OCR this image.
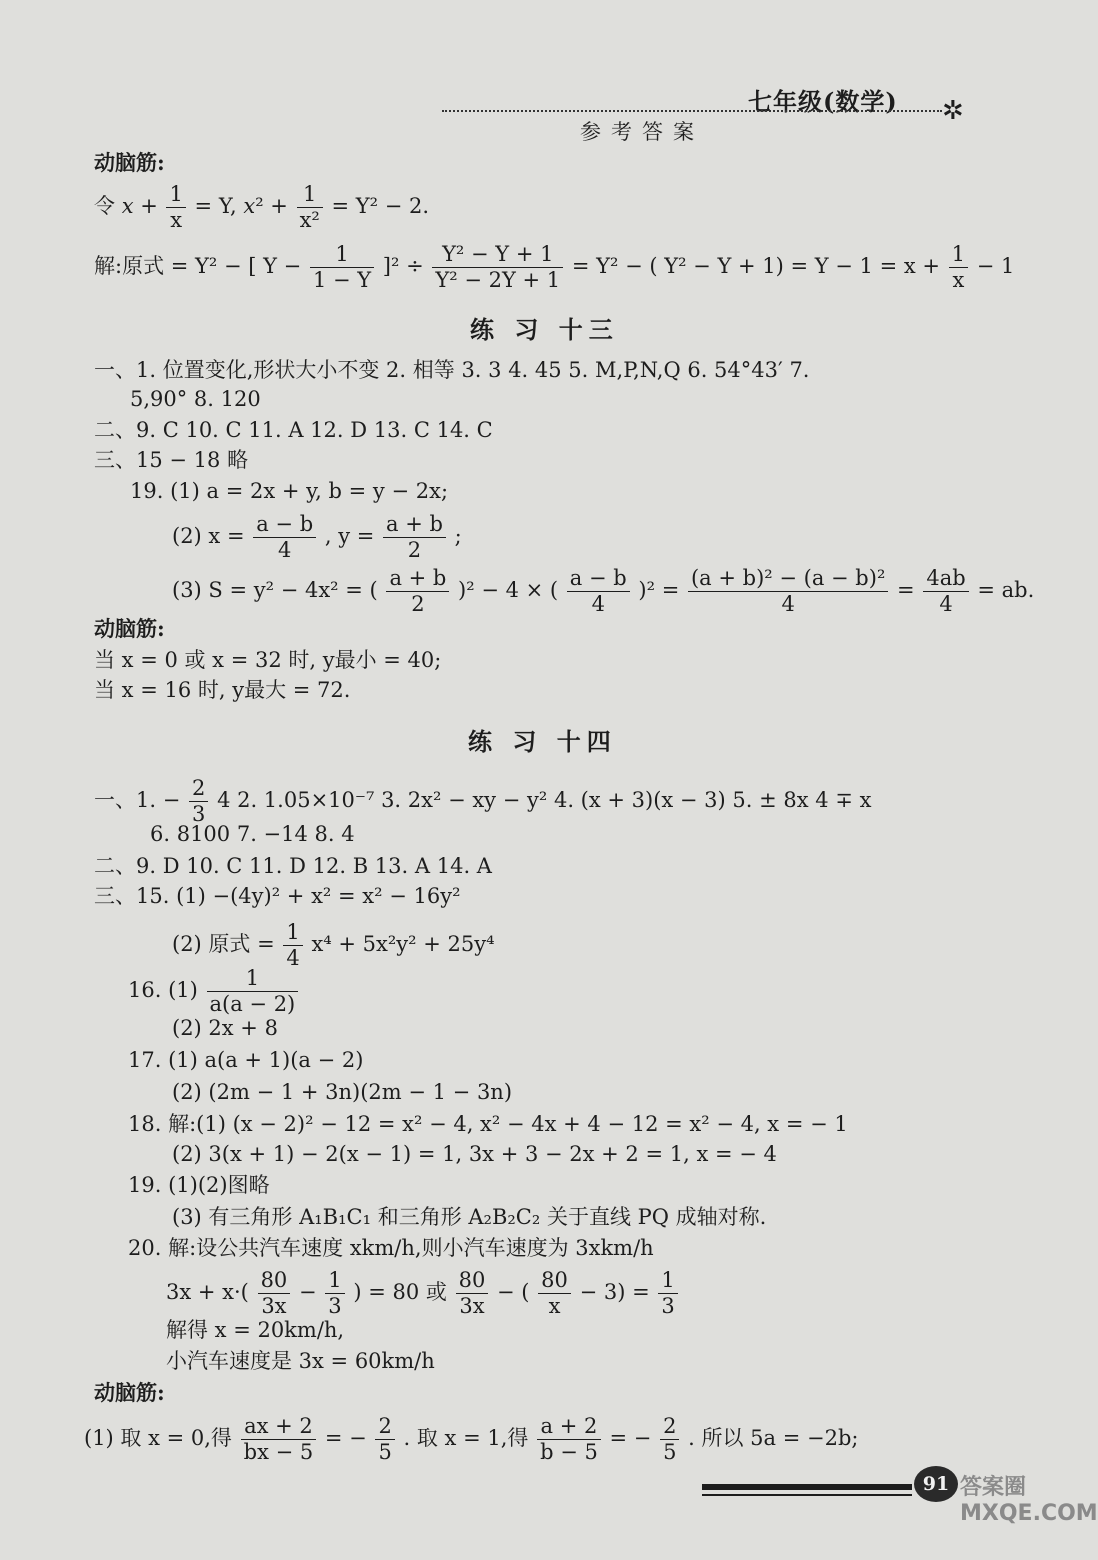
七年级(数学) ✲
参考答案
动脑筋:
令 $x + \frac{1}{x} = Y$, $x^2 + \frac{1}{\text{x²}} = Y^2 - 2$.
解:原式 = Y² − [ $Y - \frac{1}{1 - Y} ]^2 \div \frac{\text{Y² − Y + 1}}{\text{Y² − 2Y + 1}} = Y^2$ − ( $Y^2 - Y + 1) = Y - 1 = x + \frac{1}{x} - 1$
练 习 十三
一、1. 位置变化,形状大小不变 2. 相等 3. 3 4. 45 5. M,P,N,Q 6. 54°43′ 7.
5,90° 8. 120
二、9. C 10. C 11. A 12. D 13. C 14. C
三、15 − 18 略
19. (1) a = 2x + y, b = y − 2x;
(2) $x = \frac{a - b}{4}$ , $y = \frac{a + b}{2}$ ;
(3) S = y² − 4x² = ( $\frac{a + b}{2} )^2 - 4$ × ( $\frac{a - b}{4} )^2 = \frac{\text{(a + b)² − (a − b)²}}{4} = \frac{4ab}{4}$ = ab.
动脑筋:
当 x = 0 或 x = 32 时, y最小 = 40;
当 x = 16 时, y最大 = 72.
练 习 十四
一、1. − $\frac{2}{3} 4$ 2. 1.05×10⁻⁷ 3. 2x² − xy − y² 4. (x + 3)(x − 3) 5. ± 8x 4 ∓ x
6. 8100 7. −14 8. 4
二、9. D 10. C 11. D 12. B 13. A 14. A
三、15. (1) −(4y)² + x² = x² − 16y²
(2) 原式 = $\frac{1}{4} x^4 + 5x^2y^2 + 25y^4$
16. $(1) \frac{1}{a(a - 2)}$
(2) 2x + 8
17. (1) a(a + 1)(a − 2)
(2) (2m − 1 + 3n)(2m − 1 − 3n)
18. 解:(1) (x − 2)² − 12 = x² − 4, x² − 4x + 4 − 12 = x² − 4, x = − 1
(2) 3(x + 1) − 2(x − 1) = 1, 3x + 3 − 2x + 2 = 1, x = − 4
19. (1)(2)图略
(3) 有三角形 A₁B₁C₁ 和三角形 A₂B₂C₂ 关于直线 PQ 成轴对称.
20. 解:设公共汽车速度 xkm/h,则小汽车速度为 3xkm/h
$3x + x\cdot( \frac{80}{3x} - \frac{1}{3}$ ) = 80 或 $\frac{80}{3x}$ − ( $\frac{80}{x} - 3) = \frac{1}{3}$
解得 x = 20km/h,
小汽车速度是 3x = 60km/h
动脑筋:
(1) 取 x = 0,得 $\frac{ax + 2}{bx - 5}$ = − $\frac{2}{5}$ . 取 x = 1,得 $\frac{a + 2}{b - 5}$ = − $\frac{2}{5}$ . 所以 5a = −2b;
91 答案圈 MXQE.COM
